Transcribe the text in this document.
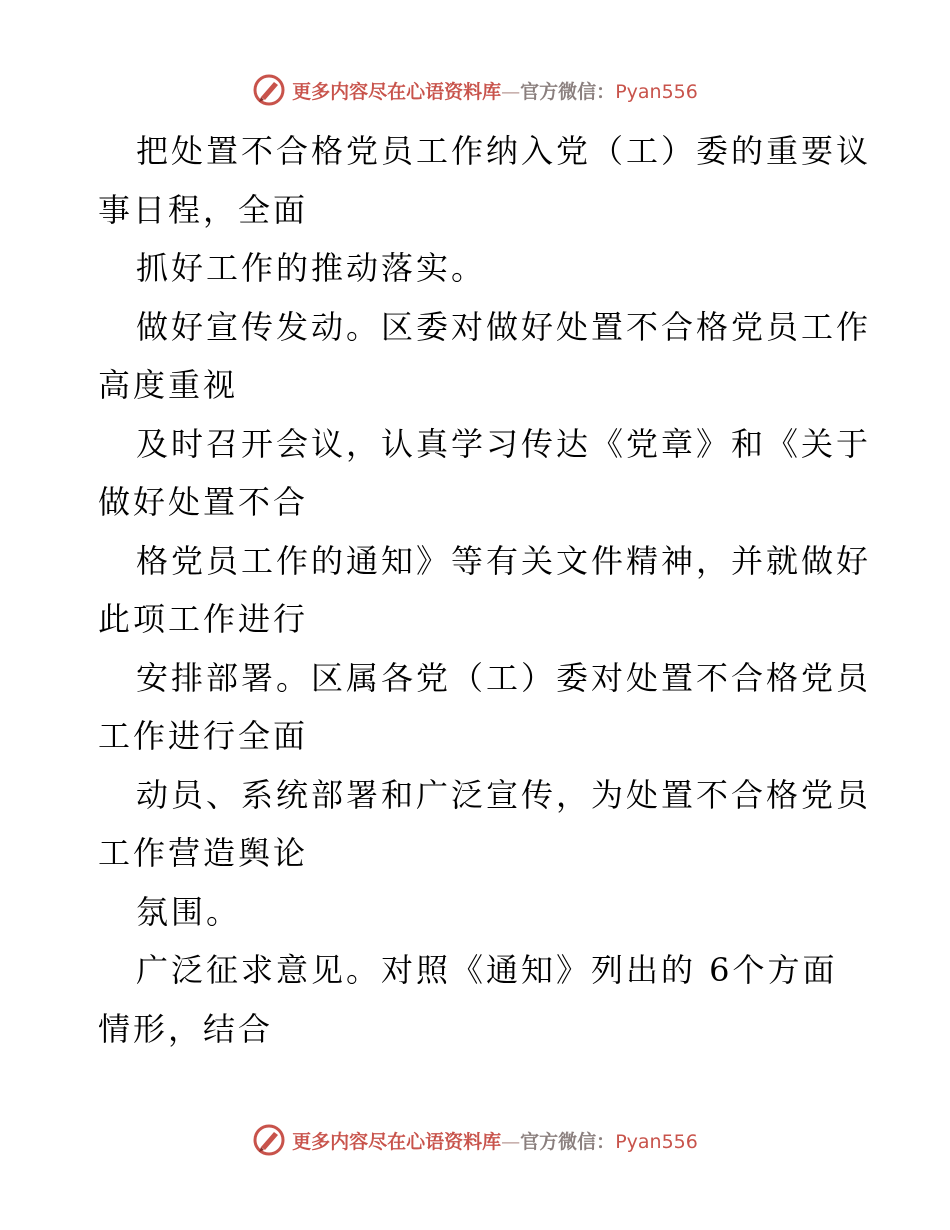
更多内容尽在心语资料库—官方微信：Pyan556
把处置不合格党员工作纳入党（工）委的重要议
事日程，全面
抓好工作的推动落实。
做好宣传发动。区委对做好处置不合格党员工作
高度重视
及时召开会议，认真学习传达《党章》和《关于
做好处置不合
格党员工作的通知》等有关文件精神，并就做好
此项工作进行
安排部署。区属各党（工）委对处置不合格党员
工作进行全面
动员、系统部署和广泛宣传，为处置不合格党员
工作营造舆论
氛围。
广泛征求意见。对照《通知》列出的 6个方面
情形，结合
更多内容尽在心语资料库—官方微信：Pyan556
